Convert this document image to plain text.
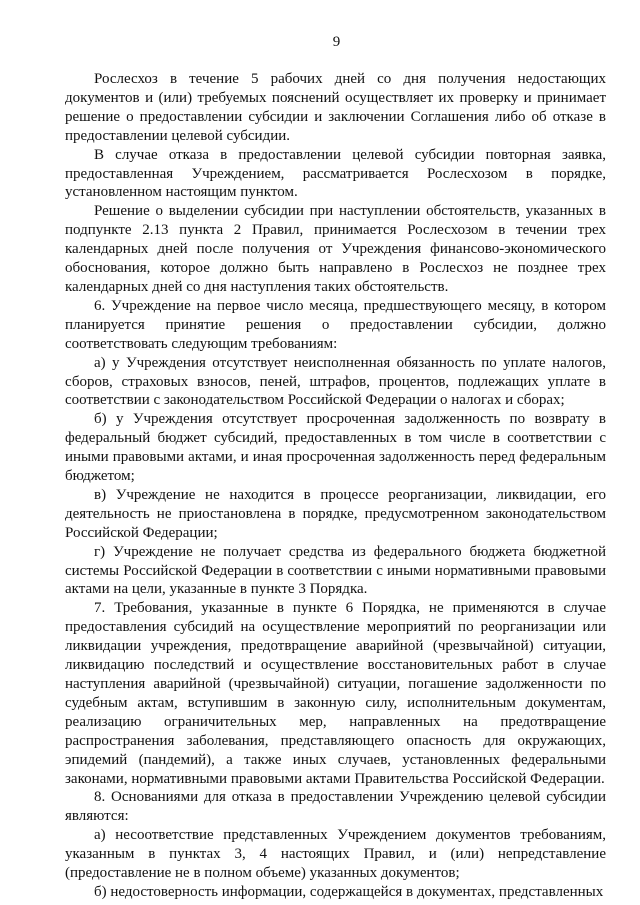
9

Рослесхоз в течение 5 рабочих дней со дня получения недостающих документов и (или) требуемых пояснений осуществляет их проверку и принимает решение о предоставлении субсидии и заключении Соглашения либо об отказе в предоставлении целевой субсидии.

В случае отказа в предоставлении целевой субсидии повторная заявка, предоставленная Учреждением, рассматривается Рослесхозом в порядке, установленном настоящим пунктом.

Решение о выделении субсидии при наступлении обстоятельств, указанных в подпункте 2.13 пункта 2 Правил, принимается Рослесхозом в течении трех календарных дней после получения от Учреждения финансово-экономического обоснования, которое должно быть направлено в Рослесхоз не позднее трех календарных дней со дня наступления таких обстоятельств.

6. Учреждение на первое число месяца, предшествующего месяцу, в котором планируется принятие решения о предоставлении субсидии, должно соответствовать следующим требованиям:

а) у Учреждения отсутствует неисполненная обязанность по уплате налогов, сборов, страховых взносов, пеней, штрафов, процентов, подлежащих уплате в соответствии с законодательством Российской Федерации о налогах и сборах;

б) у Учреждения отсутствует просроченная задолженность по возврату в федеральный бюджет субсидий, предоставленных в том числе в соответствии с иными правовыми актами, и иная просроченная задолженность перед федеральным бюджетом;

в) Учреждение не находится в процессе реорганизации, ликвидации, его деятельность не приостановлена в порядке, предусмотренном законодательством Российской Федерации;

г) Учреждение не получает средства из федерального бюджета бюджетной системы Российской Федерации в соответствии с иными нормативными правовыми актами на цели, указанные в пункте 3 Порядка.

7. Требования, указанные в пункте 6 Порядка, не применяются в случае предоставления субсидий на осуществление мероприятий по реорганизации или ликвидации учреждения, предотвращение аварийной (чрезвычайной) ситуации, ликвидацию последствий и осуществление восстановительных работ в случае наступления аварийной (чрезвычайной) ситуации, погашение задолженности по судебным актам, вступившим в законную силу, исполнительным документам, реализацию ограничительных мер, направленных на предотвращение распространения заболевания, представляющего опасность для окружающих, эпидемий (пандемий), а также иных случаев, установленных федеральными законами, нормативными правовыми актами Правительства Российской Федерации.

8. Основаниями для отказа в предоставлении Учреждению целевой субсидии являются:

а) несоответствие представленных Учреждением документов требованиям, указанным в пунктах 3, 4 настоящих Правил, и (или) непредставление (предоставление не в полном объеме) указанных документов;

б) недостоверность информации, содержащейся в документах, представленных
